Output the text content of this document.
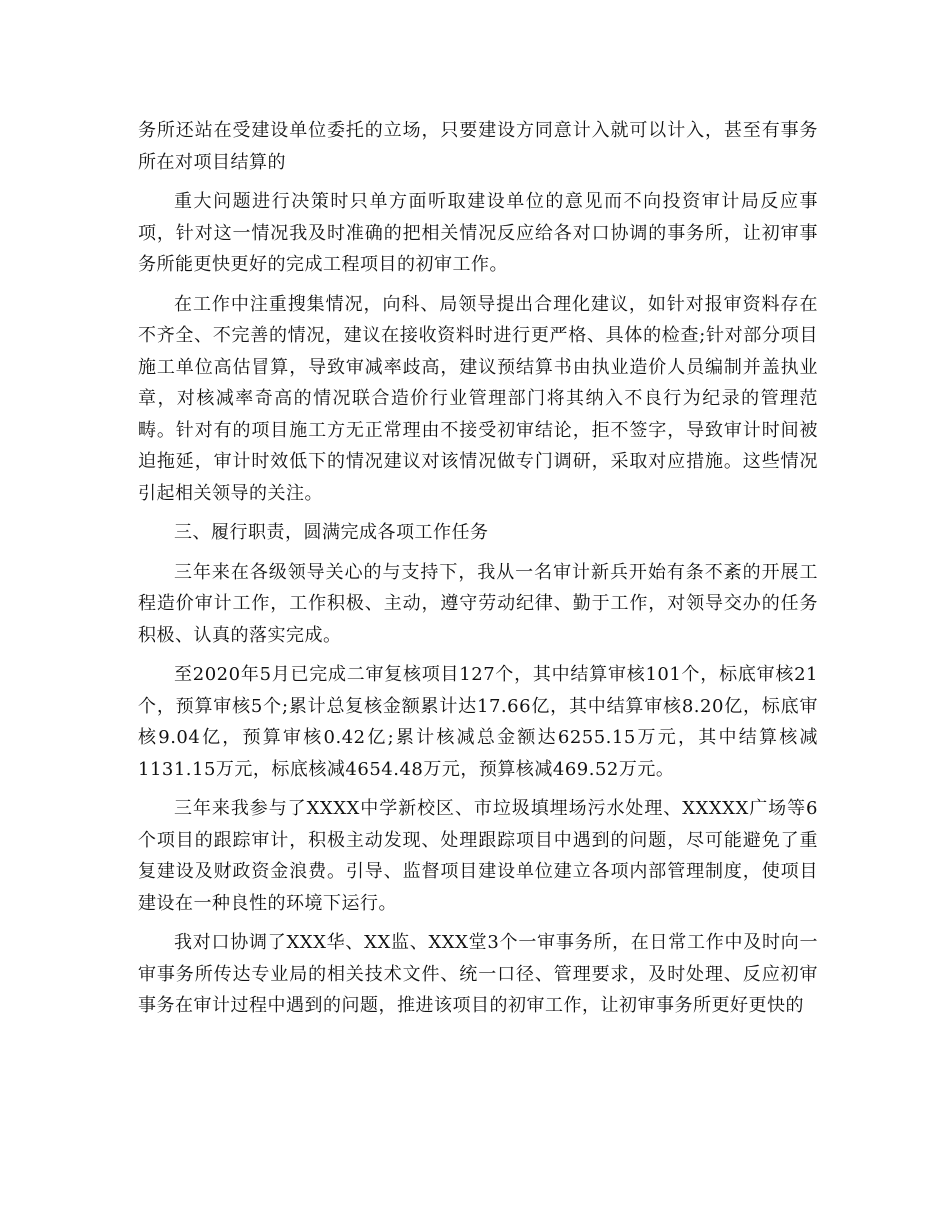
务所还站在受建设单位委托的立场，只要建设方同意计入就可以计入，甚至有事务所在对项目结算的

重大问题进行决策时只单方面听取建设单位的意见而不向投资审计局反应事项，针对这一情况我及时准确的把相关情况反应给各对口协调的事务所，让初审事务所能更快更好的完成工程项目的初审工作。

在工作中注重搜集情况，向科、局领导提出合理化建议，如针对报审资料存在不齐全、不完善的情况，建议在接收资料时进行更严格、具体的检查;针对部分项目施工单位高估冒算，导致审减率歧高，建议预结算书由执业造价人员编制并盖执业章，对核减率奇高的情况联合造价行业管理部门将其纳入不良行为纪录的管理范畴。针对有的项目施工方无正常理由不接受初审结论，拒不签字，导致审计时间被迫拖延，审计时效低下的情况建议对该情况做专门调研，采取对应措施。这些情况引起相关领导的关注。

三、履行职责，圆满完成各项工作任务

三年来在各级领导关心的与支持下，我从一名审计新兵开始有条不紊的开展工程造价审计工作，工作积极、主动，遵守劳动纪律、勤于工作，对领导交办的任务积极、认真的落实完成。

至2020年5月已完成二审复核项目127个，其中结算审核101个，标底审核21个，预算审核5个;累计总复核金额累计达17.66亿，其中结算审核8.20亿，标底审核9.04亿，预算审核0.42亿;累计核减总金额达6255.15万元，其中结算核减1131.15万元，标底核减4654.48万元，预算核减469.52万元。

三年来我参与了XXXX中学新校区、市垃圾填埋场污水处理、XXXXX广场等6个项目的跟踪审计，积极主动发现、处理跟踪项目中遇到的问题，尽可能避免了重复建设及财政资金浪费。引导、监督项目建设单位建立各项内部管理制度，使项目建设在一种良性的环境下运行。

我对口协调了XXX华、XX监、XXX堂3个一审事务所，在日常工作中及时向一审事务所传达专业局的相关技术文件、统一口径、管理要求，及时处理、反应初审事务在审计过程中遇到的问题，推进该项目的初审工作，让初审事务所更好更快的
